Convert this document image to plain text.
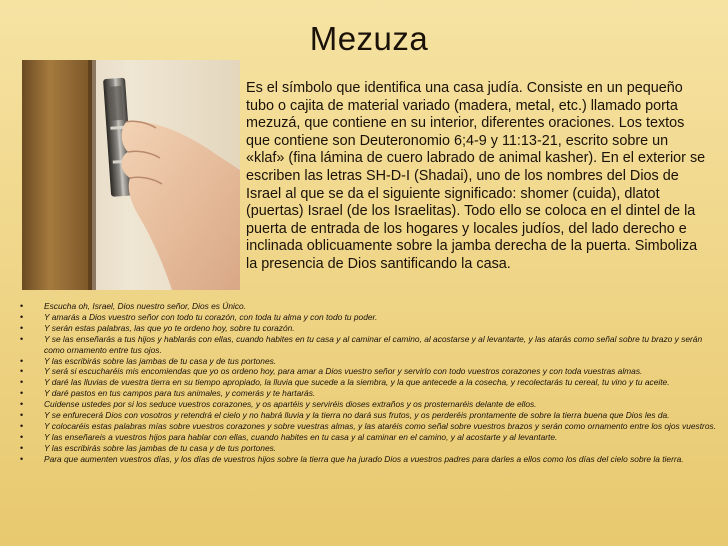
Mezuza

Es el símbolo que identifica una casa judía. Consiste en un pequeño tubo o cajita de material variado (madera, metal, etc.) llamado porta mezuzá, que contiene en su interior, diferentes oraciones. Los textos que contiene son Deuteronomio 6;4-9 y 11:13-21, escrito sobre un «klaf» (fina lámina de cuero labrado de animal kasher). En el exterior se escriben las letras SH-D-I (Shadai), uno de los nombres del Dios de Israel al que se da el siguiente significado: shomer (cuida), dlatot (puertas) Israel (de los Israelitas). Todo ello se coloca en el dintel de la puerta de entrada de los hogares y locales judíos, del lado derecho e inclinada oblicuamente sobre la jamba derecha de la puerta. Simboliza la presencia de Dios santificando la casa.

• Escucha oh, Israel, Dios nuestro señor, Dios es Único.
• Y amarás a Dios vuestro señor con todo tu corazón, con toda tu alma y con todo tu poder.
• Y serán estas palabras, las que yo te ordeno hoy, sobre tu corazón.
• Y se las enseñarás a tus hijos y hablarás con ellas, cuando habites en tu casa y al caminar el camino, al acostarse y al levantarte, y las atarás como señal sobre tu brazo y serán como ornamento entre tus ojos.
• Y las escribirás sobre las jambas de tu casa y de tus portones.
• Y será si escucharéis mis encomiendas que yo os ordeno hoy, para amar a Dios vuestro señor y servirlo con todo vuestros corazones y con toda vuestras almas.
• Y daré las lluvias de vuestra tierra en su tiempo apropiado, la lluvia que sucede a la siembra, y la que antecede a la cosecha, y recolectarás tu cereal, tu vino y tu aceite.
• Y daré pastos en tus campos para tus animales, y comerás y te hartarás.
• Cuidense ustedes por si los seduce vuestros corazones, y os apartéis y serviréis dioses extraños y os prosternaréis delante de ellos.
• Y se enfurecerá Dios con vosotros y retendrá el cielo y no habrá lluvia y la tierra no dará sus frutos, y os perderéis prontamente de sobre la tierra buena que Dios les da.
• Y colocaréis estas palabras mías sobre vuestros corazones y sobre vuestras almas, y las ataréis como señal sobre vuestros brazos y serán como ornamento entre los ojos vuestros.
• Y las enseñareis a vuestros hijos para hablar con ellas, cuando habites en tu casa y al caminar en el camino, y al acostarte y al levantarte.
• Y las escribirás sobre las jambas de tu casa y de tus portones.
• Para que aumenten vuestros días, y los días de vuestros hijos sobre la tierra que ha jurado Dios a vuestros padres para darles a ellos como los días del cielo sobre la tierra.
